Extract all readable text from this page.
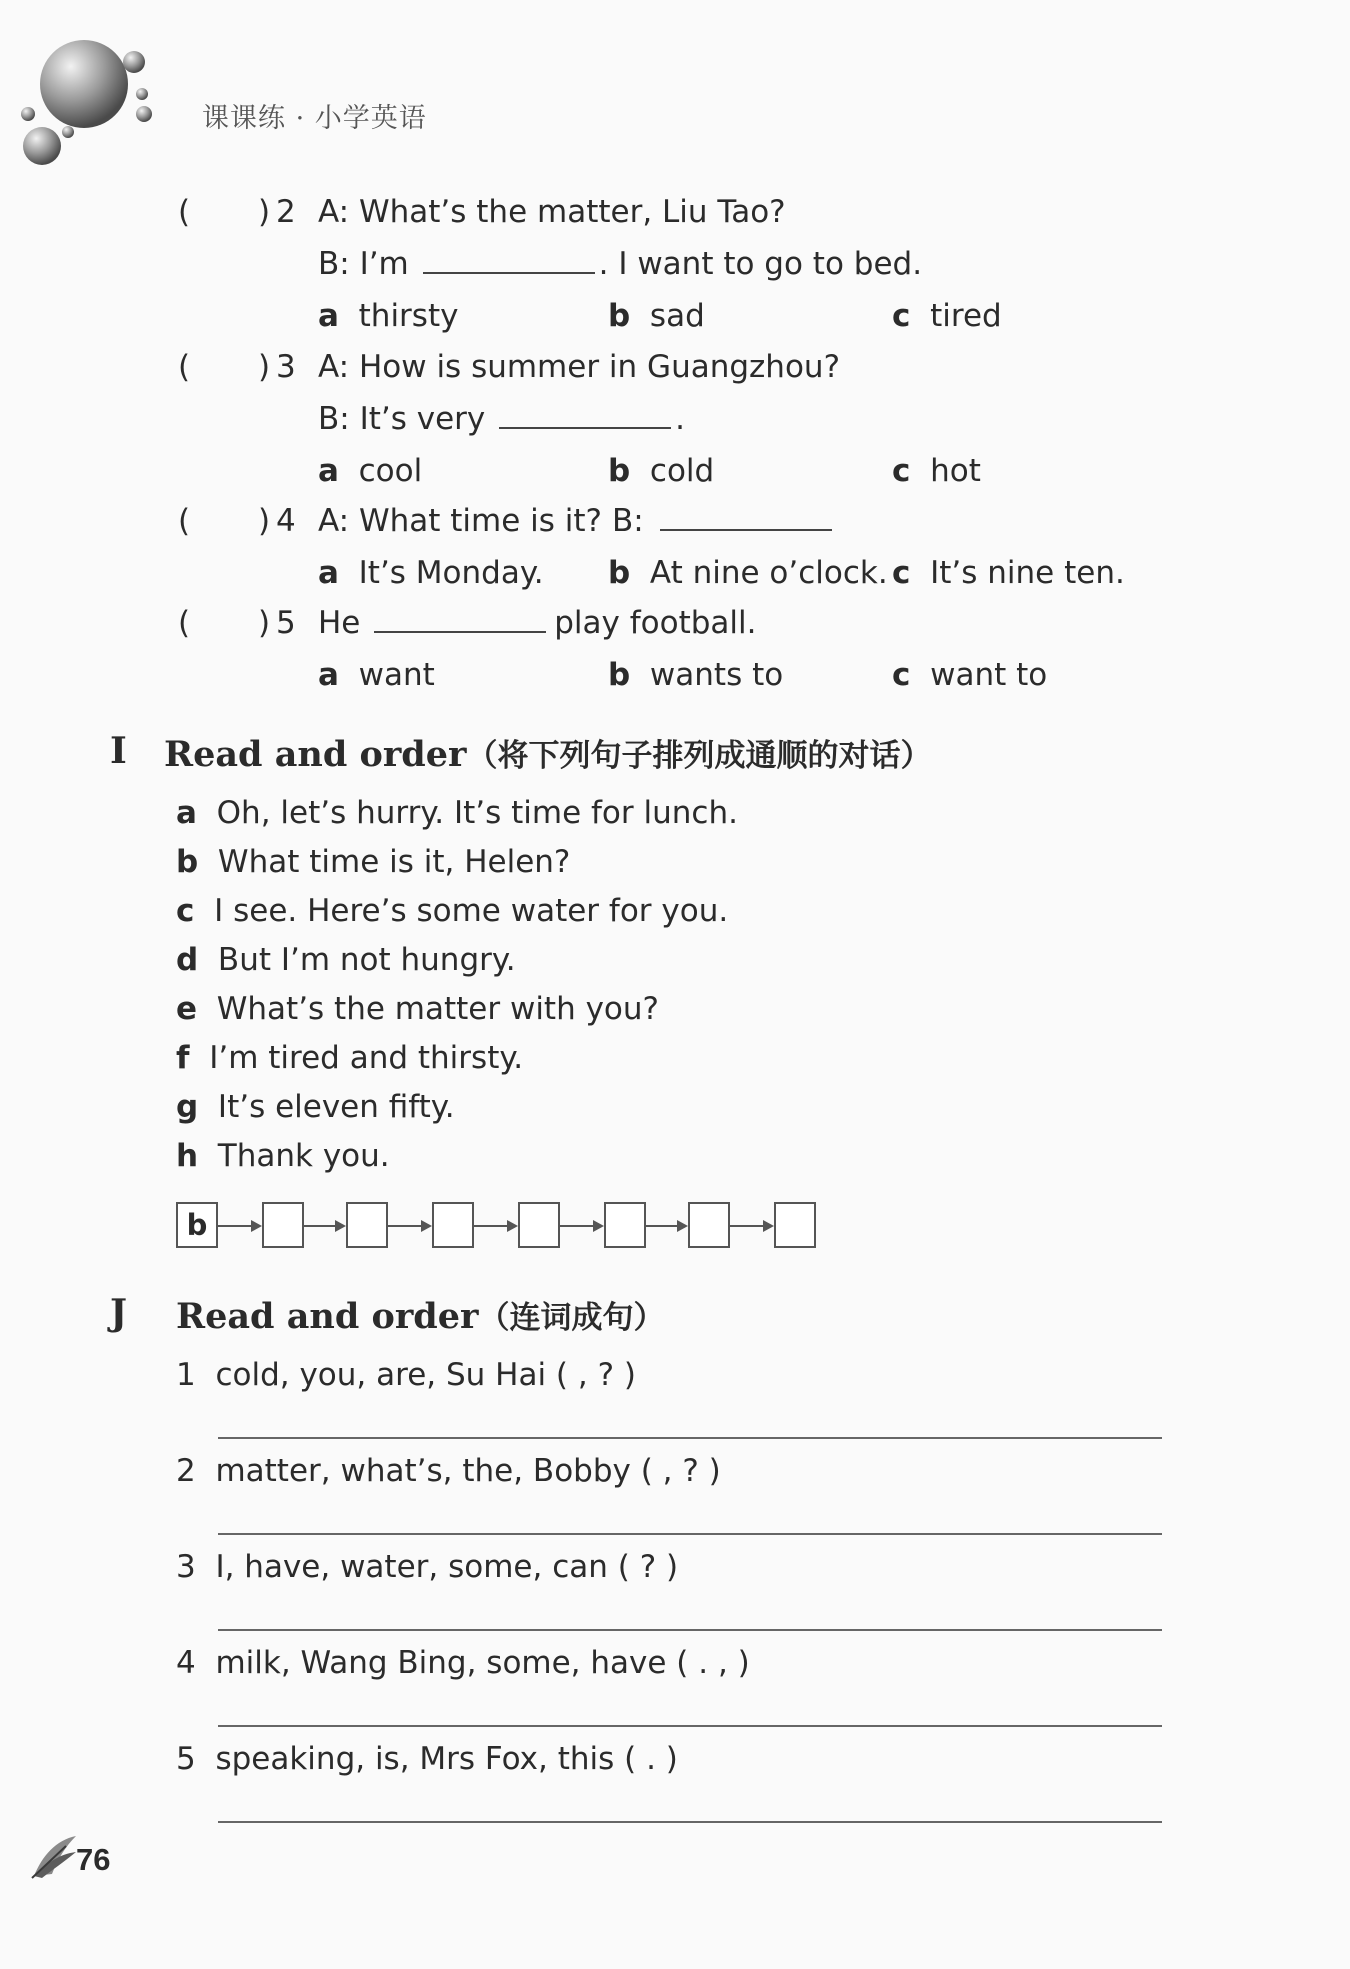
课课练 · 小学英语
( ) 2 A: What’s the matter, Liu Tao?
B: I’m	. I want to go to bed.
a thirsty	b sad	c tired
( ) 3 A: How is summer in Guangzhou?
B: It’s very	.
a cool	b cold	c hot
( ) 4 A: What time is it? B:
a It’s Monday. b At nine o’clock. c It’s nine ten.
( ) 5 He	play football.
a want	b wants to	c want to
I Read and order（将下列句子排列成通顺的对话）
a Oh, let’s hurry. It’s time for lunch.
b What time is it, Helen?
c I see. Here’s some water for you.
d But I’m not hungry.
e What’s the matter with you?
f I’m tired and thirsty.
g It’s eleven fifty.
h Thank you.
b
J Read and order（连词成句）
1 cold, you, are, Su Hai ( , ? )
2 matter, what’s, the, Bobby ( , ? )
3 I, have, water, some, can ( ? )
4 milk, Wang Bing, some, have ( . , )
5 speaking, is, Mrs Fox, this ( . )
76
